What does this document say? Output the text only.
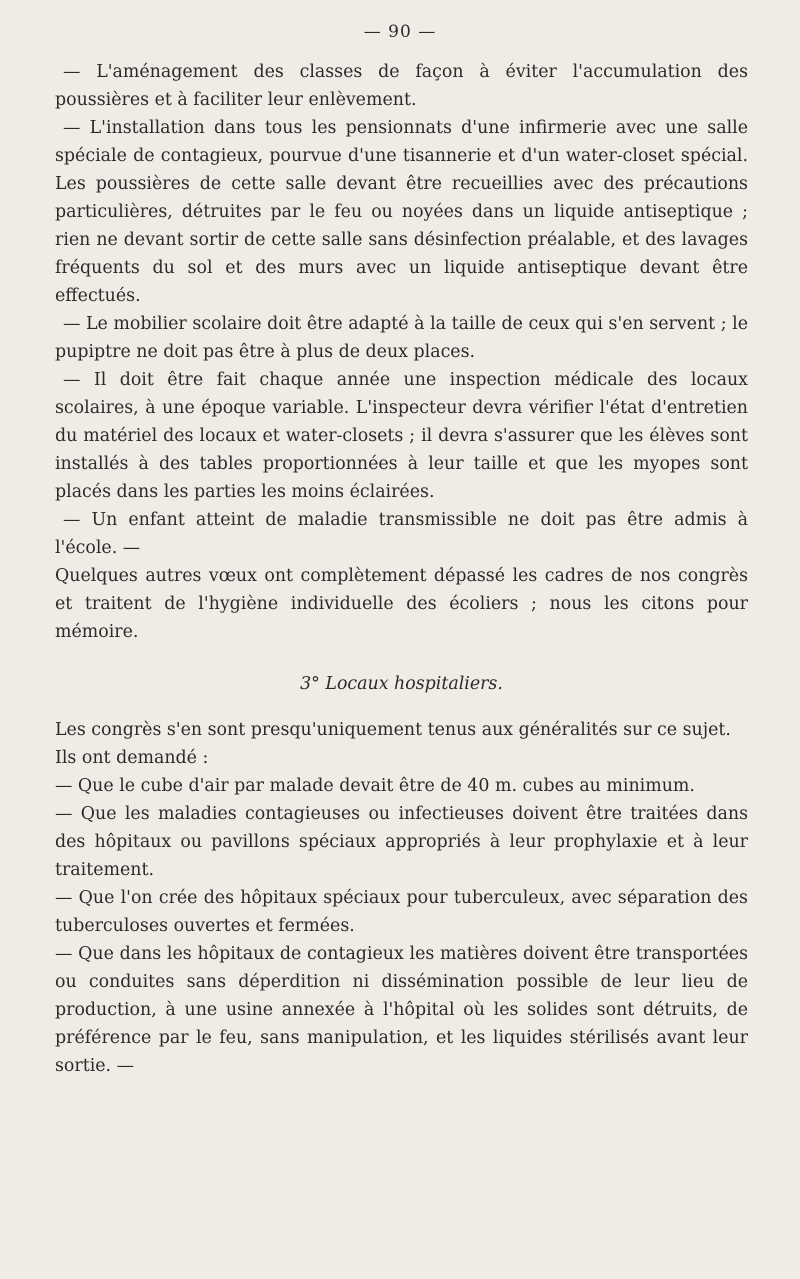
— 90 —

— L'aménagement des classes de façon à éviter l'accumulation des poussières et à faciliter leur enlèvement.

— L'installation dans tous les pensionnats d'une infirmerie avec une salle spéciale de contagieux, pourvue d'une tisannerie et d'un water-closet spécial. Les poussières de cette salle devant être recueillies avec des précautions particulières, détruites par le feu ou noyées dans un liquide antiseptique ; rien ne devant sortir de cette salle sans désinfection préalable, et des lavages fréquents du sol et des murs avec un liquide antiseptique devant être effectués.

— Le mobilier scolaire doit être adapté à la taille de ceux qui s'en servent ; le pupiptre ne doit pas être à plus de deux places.

— Il doit être fait chaque année une inspection médicale des locaux scolaires, à une époque variable. L'inspecteur devra vérifier l'état d'entretien du matériel des locaux et water-closets ; il devra s'assurer que les élèves sont installés à des tables proportionnées à leur taille et que les myopes sont placés dans les parties les moins éclairées.

— Un enfant atteint de maladie transmissible ne doit pas être admis à l'école. —

Quelques autres vœux ont complètement dépassé les cadres de nos congrès et traitent de l'hygiène individuelle des écoliers ; nous les citons pour mémoire.

3° Locaux hospitaliers.

Les congrès s'en sont presqu'uniquement tenus aux généralités sur ce sujet.

Ils ont demandé :

— Que le cube d'air par malade devait être de 40 m. cubes au minimum.

— Que les maladies contagieuses ou infectieuses doivent être traitées dans des hôpitaux ou pavillons spéciaux appropriés à leur prophylaxie et à leur traitement.

— Que l'on crée des hôpitaux spéciaux pour tuberculeux, avec séparation des tuberculoses ouvertes et fermées.

— Que dans les hôpitaux de contagieux les matières doivent être transportées ou conduites sans déperdition ni dissémination possible de leur lieu de production, à une usine annexée à l'hôpital où les solides sont détruits, de préférence par le feu, sans manipulation, et les liquides stérilisés avant leur sortie. —
